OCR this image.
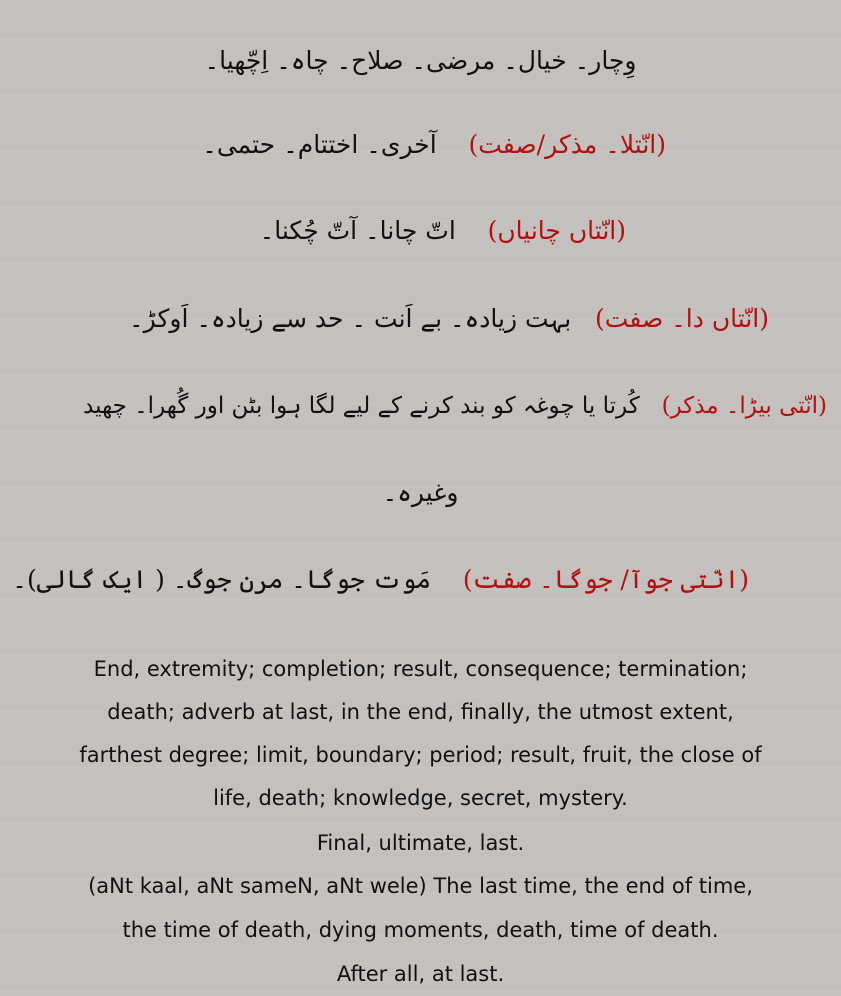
وِچار۔ خیال۔ مرضی۔ صلاح۔ چاہ۔ اِچّھیا۔
(انّتلا۔ مذکر/صفت)    آخری۔ اختتام۔ حتمی۔
(انّتاں چانیاں)    اتّ چانا۔ آتّ چُکنا۔
(انّتاں دا۔ صفت)   بہت زیادہ۔ بے اَنت ۔ حد سے زیادہ۔ اَوکڑ۔
(انّتی بیڑا۔ مذکر)   کُرتا یا چوغہ کو بند کرنے کے لیے لگا ہوا بٹن اور گُھرا۔ چھید
وغیرہ۔
(انّتی جوآ/ جوگا۔ صفت)    مَوت جوگا۔ مرن جوگ۔ ( ایک گالی)۔
End, extremity; completion; result, consequence; termination;
death; adverb at last, in the end, finally, the utmost extent,
farthest degree; limit, boundary; period; result, fruit, the close of
life, death; knowledge, secret, mystery.
Final, ultimate, last.
(aNt kaal, aNt sameN, aNt wele) The last time, the end of time,
the time of death, dying moments, death, time of death.
After all, at last.
